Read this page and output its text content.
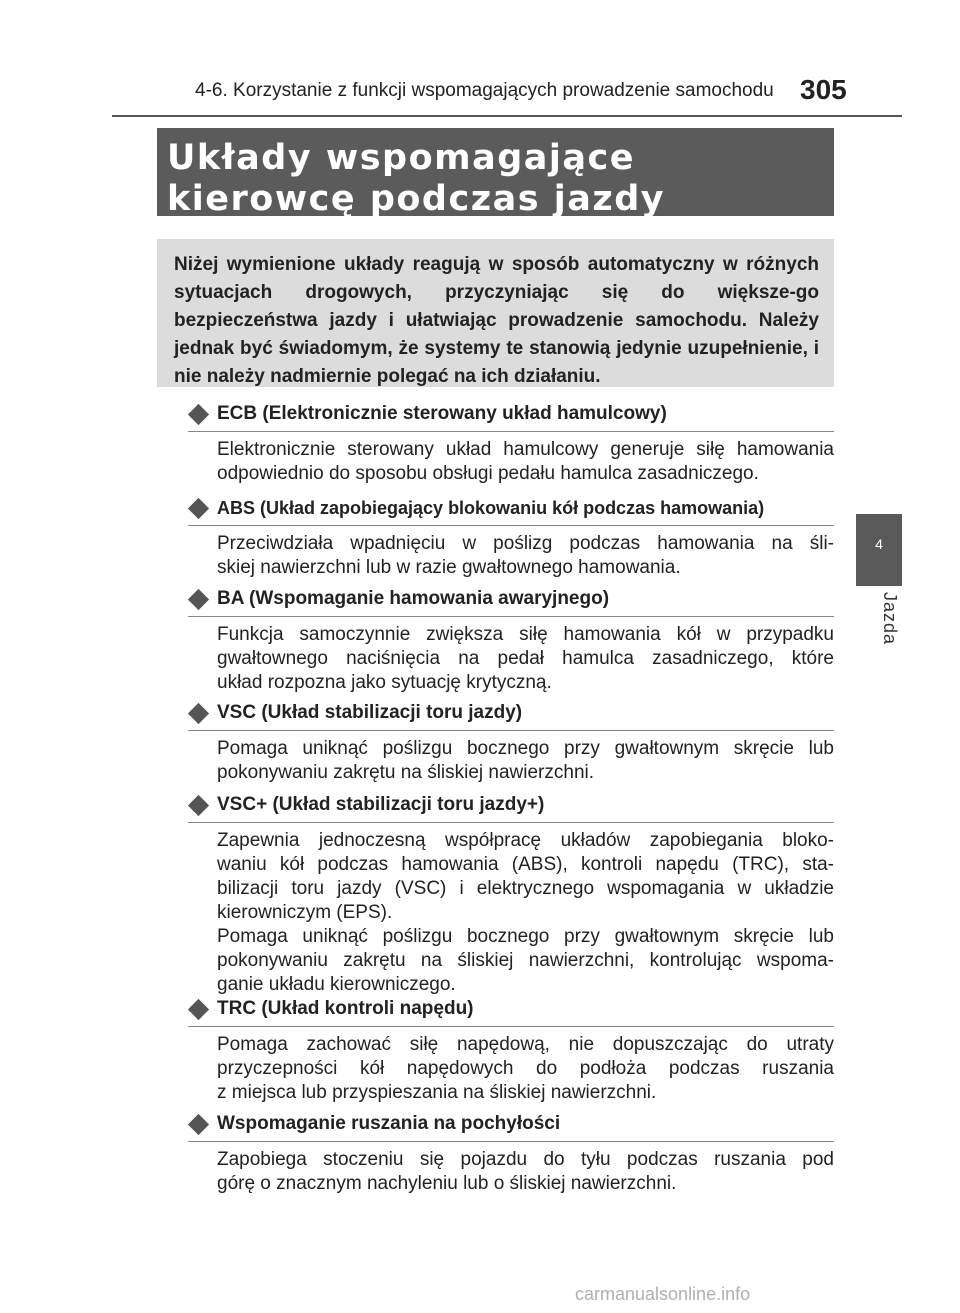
4-6. Korzystanie z funkcji wspomagających prowadzenie samochodu 305
4
Jazda
Układy wspomagające kierowcę podczas jazdy
Niżej wymienione układy reagują w sposób automatyczny w różnych sytuacjach drogowych, przyczyniając się do większe-go bezpieczeństwa jazdy i ułatwiając prowadzenie samochodu. Należy jednak być świadomym, że systemy te stanowią jedynie uzupełnienie, i nie należy nadmiernie polegać na ich działaniu.
ECB (Elektronicznie sterowany układ hamulcowy)
Elektronicznie sterowany układ hamulcowy generuje siłę hamowania
odpowiednio do sposobu obsługi pedału hamulca zasadniczego.
ABS (Układ zapobiegający blokowaniu kół podczas hamowania)
Przeciwdziała wpadnięciu w poślizg podczas hamowania na śli-
skiej nawierzchni lub w razie gwałtownego hamowania.
BA (Wspomaganie hamowania awaryjnego)
Funkcja samoczynnie zwiększa siłę hamowania kół w przypadku
gwałtownego naciśnięcia na pedał hamulca zasadniczego, które
układ rozpozna jako sytuację krytyczną.
VSC (Układ stabilizacji toru jazdy)
Pomaga uniknąć poślizgu bocznego przy gwałtownym skręcie lub
pokonywaniu zakrętu na śliskiej nawierzchni.
VSC+ (Układ stabilizacji toru jazdy+)
Zapewnia jednoczesną współpracę układów zapobiegania bloko-
waniu kół podczas hamowania (ABS), kontroli napędu (TRC), sta-
bilizacji toru jazdy (VSC) i elektrycznego wspomagania w układzie
kierowniczym (EPS).
Pomaga uniknąć poślizgu bocznego przy gwałtownym skręcie lub
pokonywaniu zakrętu na śliskiej nawierzchni, kontrolując wspoma-
ganie układu kierowniczego.
TRC (Układ kontroli napędu)
Pomaga zachować siłę napędową, nie dopuszczając do utraty
przyczepności kół napędowych do podłoża podczas ruszania
z miejsca lub przyspieszania na śliskiej nawierzchni.
Wspomaganie ruszania na pochyłości
Zapobiega stoczeniu się pojazdu do tyłu podczas ruszania pod
górę o znacznym nachyleniu lub o śliskiej nawierzchni.
carmanualsonline.info
